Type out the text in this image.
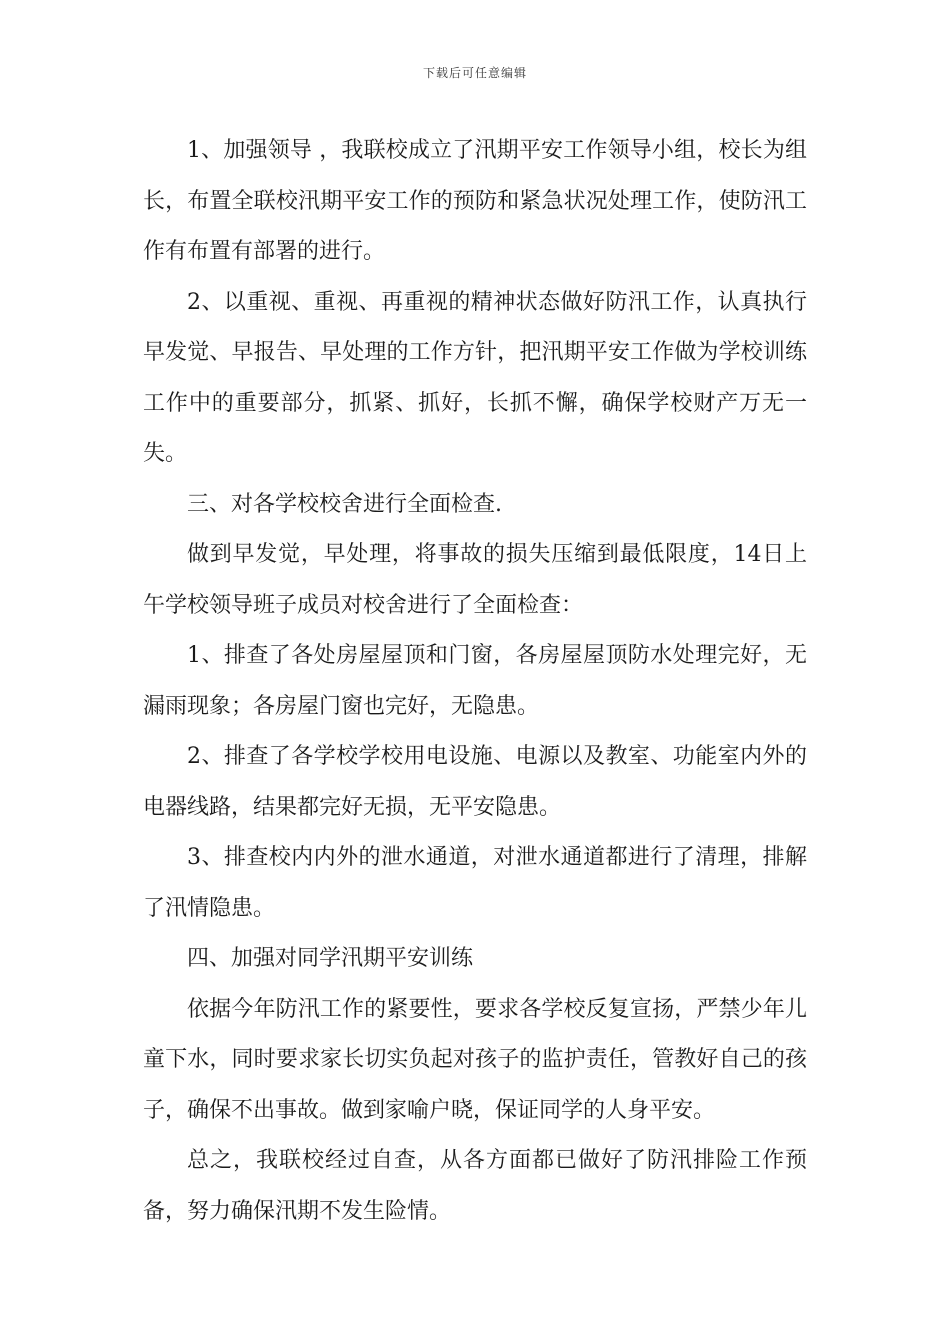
下载后可任意编辑

1、加强领导 ，我联校成立了汛期平安工作领导小组，校长为组长，布置全联校汛期平安工作的预防和紧急状况处理工作，使防汛工作有布置有部署的进行。

2、以重视、重视、再重视的精神状态做好防汛工作，认真执行早发觉、早报告、早处理的工作方针，把汛期平安工作做为学校训练工作中的重要部分，抓紧、抓好，长抓不懈，确保学校财产万无一失。

三、对各学校校舍进行全面检查.

做到早发觉，早处理，将事故的损失压缩到最低限度，14日上午学校领导班子成员对校舍进行了全面检查：

1、排查了各处房屋屋顶和门窗，各房屋屋顶防水处理完好，无漏雨现象；各房屋门窗也完好，无隐患。

2、排查了各学校学校用电设施、电源以及教室、功能室内外的电器线路，结果都完好无损，无平安隐患。

3、排查校内内外的泄水通道，对泄水通道都进行了清理，排解了汛情隐患。

四、加强对同学汛期平安训练

依据今年防汛工作的紧要性，要求各学校反复宣扬，严禁少年儿童下水，同时要求家长切实负起对孩子的监护责任，管教好自己的孩子，确保不出事故。做到家喻户晓，保证同学的人身平安。

总之，我联校经过自查，从各方面都已做好了防汛排险工作预备，努力确保汛期不发生险情。
